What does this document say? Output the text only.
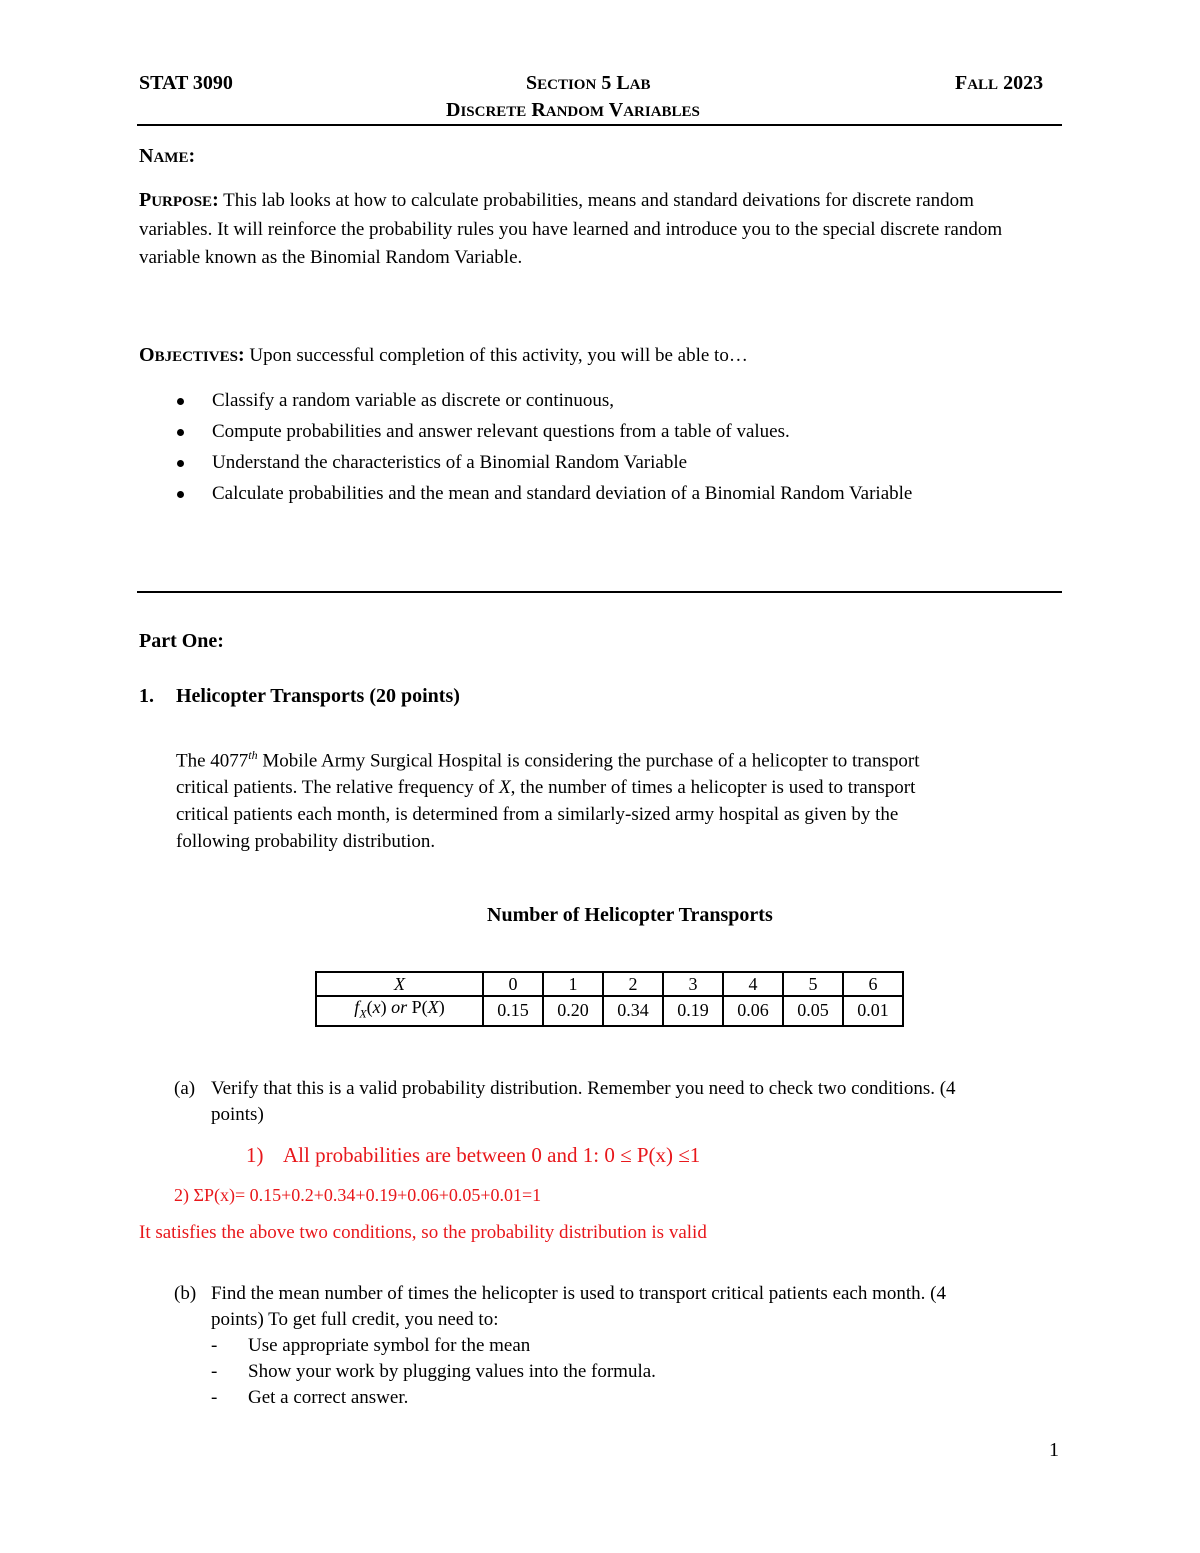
STAT 3090	SECTION 5 LAB	FALL 2023
DISCRETE RANDOM VARIABLES
NAME:
PURPOSE: This lab looks at how to calculate probabilities, means and standard deivations for discrete random variables. It will reinforce the probability rules you have learned and introduce you to the special discrete random variable known as the Binomial Random Variable.
OBJECTIVES: Upon successful completion of this activity, you will be able to…
Classify a random variable as discrete or continuous,
Compute probabilities and answer relevant questions from a table of values.
Understand the characteristics of a Binomial Random Variable
Calculate probabilities and the mean and standard deviation of a Binomial Random Variable
Part One:
1. Helicopter Transports (20 points)
The 4077th Mobile Army Surgical Hospital is considering the purchase of a helicopter to transport critical patients. The relative frequency of X, the number of times a helicopter is used to transport critical patients each month, is determined from a similarly-sized army hospital as given by the following probability distribution.
Number of Helicopter Transports
X	0	1	2	3	4	5	6
$f_X(x)$ or P(X)	0.15	0.20	0.34	0.19	0.06	0.05	0.01
(a) Verify that this is a valid probability distribution. Remember you need to check two conditions. (4 points)
1) All probabilities are between 0 and 1: 0 ≤ P(x) ≤1
2) ΣP(x)= 0.15+0.2+0.34+0.19+0.06+0.05+0.01=1
It satisfies the above two conditions, so the probability distribution is valid
(b) Find the mean number of times the helicopter is used to transport critical patients each month. (4 points) To get full credit, you need to:
- Use appropriate symbol for the mean
- Show your work by plugging values into the formula.
- Get a correct answer.
1
